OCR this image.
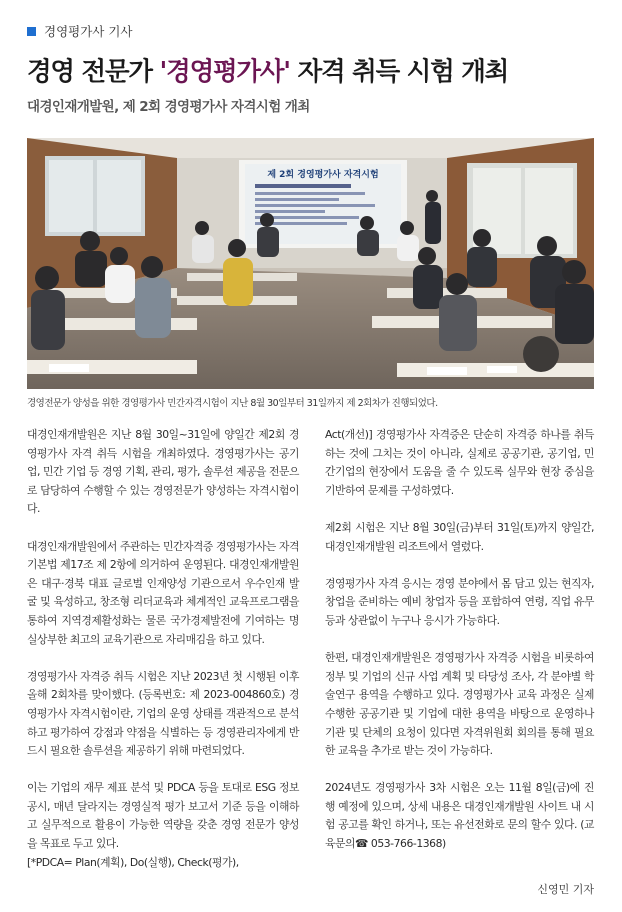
경영평가사 기사
경영 전문가 '경영평가사' 자격 취득 시험 개최
대경인재개발원, 제 2회 경영평가사 자격시험 개최
제 2회 경영평가사 자격시험
경영전문가 양성을 위한 경영평가사 민간자격시험이 지난 8월 30일부터 31일까지 제 2회차가 진행되었다.

대경인재개발원은 지난 8월 30일~31일에 양일간 제2회 경영평가사 자격 취득 시험을 개최하였다. 경영평가사는 공기업, 민간 기업 등 경영 기획, 관리, 평가, 솔루션 제공을 전문으로 담당하여 수행할 수 있는 경영전문가 양성하는 자격시험이다.

대경인재개발원에서 주관하는 민간자격증 경영평가사는 자격기본법 제17조 제 2항에 의거하여 운영된다. 대경인재개발원은 대구·경북 대표 글로벌 인재양성 기관으로서 우수인재 발굴 및 육성하고, 창조형 리더교육과 체계적인 교육프로그램을 통하여 지역경제활성화는 물론 국가경제발전에 기여하는 명실상부한 최고의 교육기관으로 자리매김을 하고 있다.

경영평가사 자격증 취득 시험은 지난 2023년 첫 시행된 이후 올해 2회차를 맞이했다. (등록번호: 제 2023-004860호) 경영평가사 자격시험이란, 기업의 운영 상태를 객관적으로 분석하고 평가하여 강점과 약점을 식별하는 등 경영관리자에게 반드시 필요한 솔루션을 제공하기 위해 마련되었다.

이는 기업의 재무 제표 분석 및 PDCA 등을 토대로 ESG 정보 공시, 매년 달라지는 경영실적 평가 보고서 기준 등을 이해하고 실무적으로 활용이 가능한 역량을 갖춘 경영 전문가 양성을 목표로 두고 있다.

[*PDCA= Plan(계획), Do(실행), Check(평가),

Act(개선)] 경영평가사 자격증은 단순히 자격증 하나를 취득하는 것에 그치는 것이 아니라, 실제로 공공기관, 공기업, 민간기업의 현장에서 도움을 줄 수 있도록 실무와 현장 중심을 기반하여 문제를 구성하였다.

제2회 시험은 지난 8월 30일(금)부터 31일(토)까지 양일간, 대경인재개발원 리조트에서 열렸다.

경영평가사 자격 응시는 경영 분야에서 몸 담고 있는 현직자, 창업을 준비하는 예비 창업자 등을 포함하여 연령, 직업 유무 등과 상관없이 누구나 응시가 가능하다.

한편, 대경인재개발원은 경영평가사 자격증 시험을 비롯하여 정부 및 기업의 신규 사업 계획 및 타당성 조사, 각 분야별 학술연구 용역을 수행하고 있다. 경영평가사 교육 과정은 실제 수행한 공공기관 및 기업에 대한 용역을 바탕으로 운영하나 기관 및 단체의 요청이 있다면 자격위원회 회의를 통해 필요한 교육을 추가로 받는 것이 가능하다.

2024년도 경영평가사 3차 시험은 오는 11월 8일(금)에 진행 예정에 있으며, 상세 내용은 대경인재개발원 사이트 내 시험 공고를 확인 하거나, 또는 유선전화로 문의 할수 있다. (교육문의☎ 053-766-1368)

신영민 기자
